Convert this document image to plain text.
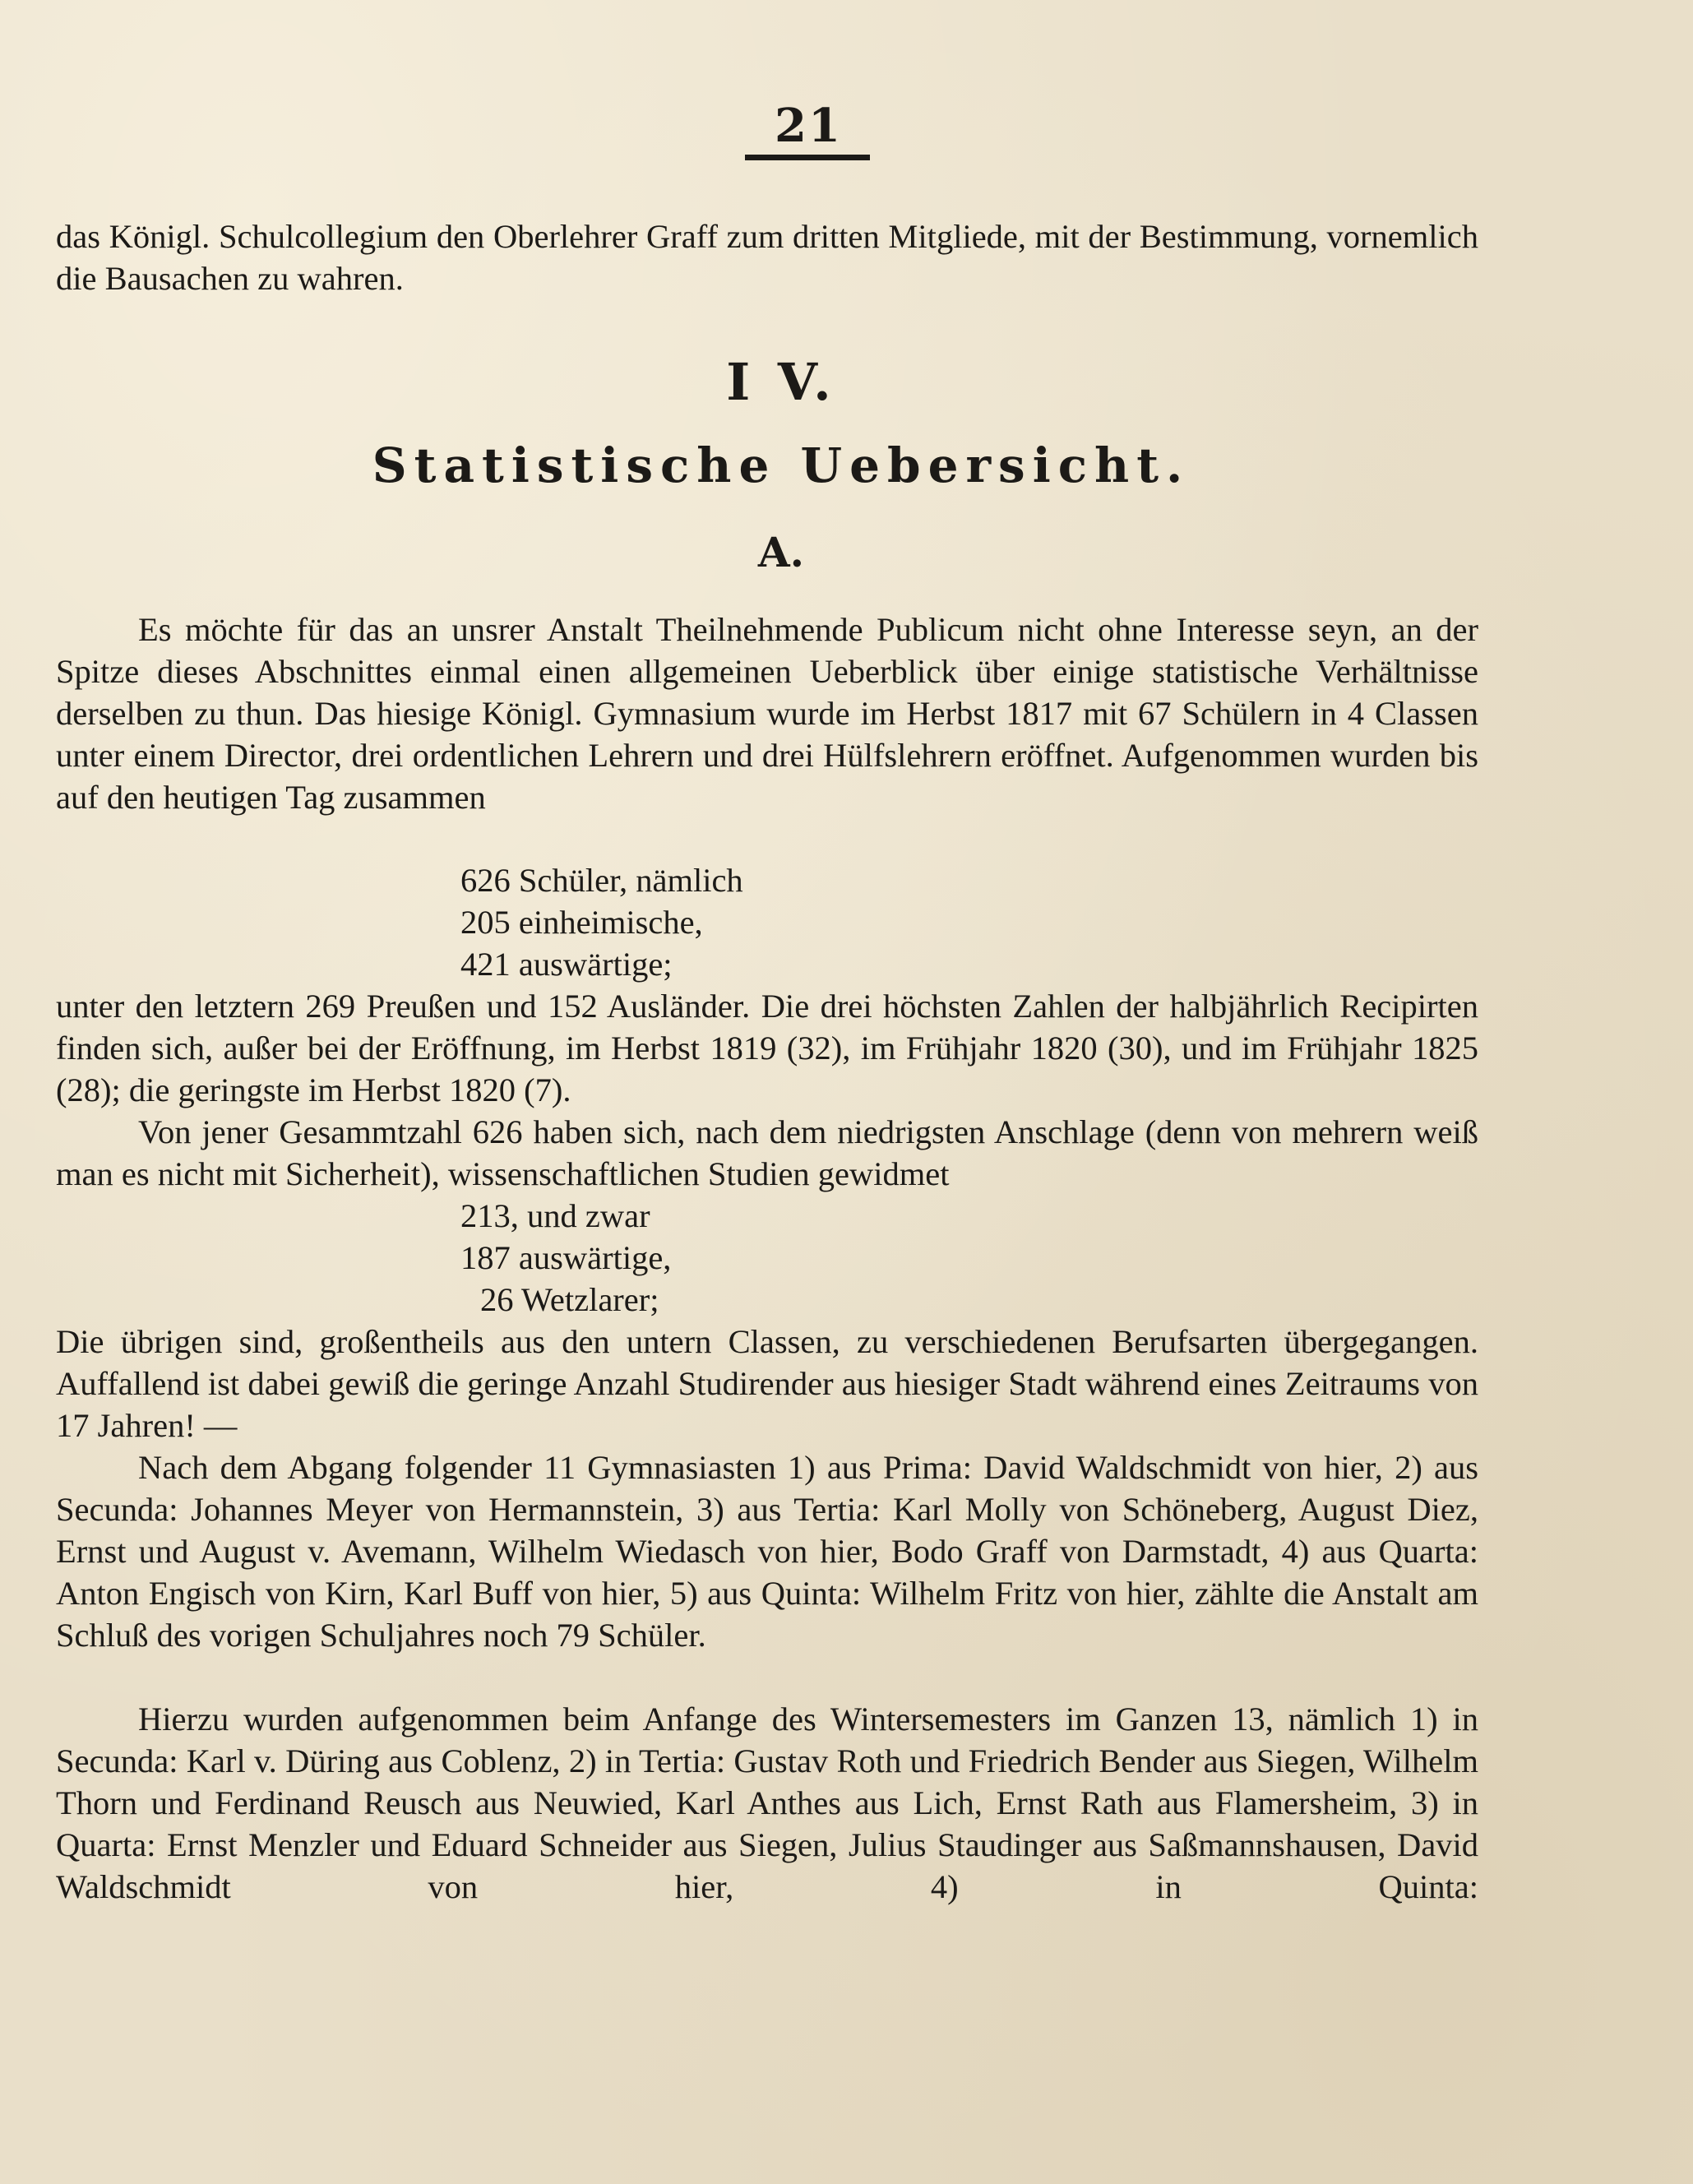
21

das Königl. Schulcollegium den Oberlehrer Graff zum dritten Mitgliede, mit der Bestimmung, vornemlich die Bausachen zu wahren.

I V.
Statistische Uebersicht.
A.

Es möchte für das an unsrer Anstalt Theilnehmende Publicum nicht ohne Interesse seyn, an der Spitze dieses Abschnittes einmal einen allgemeinen Ueberblick über einige statistische Verhältnisse derselben zu thun. Das hiesige Königl. Gymnasium wurde im Herbst 1817 mit 67 Schülern in 4 Classen unter einem Director, drei ordentlichen Lehrern und drei Hülfslehrern eröffnet. Aufgenommen wurden bis auf den heutigen Tag zusammen

626 Schüler, nämlich
205 einheimische,
421 auswärtige;

unter den letztern 269 Preußen und 152 Ausländer. Die drei höchsten Zahlen der halbjährlich Recipirten finden sich, außer bei der Eröffnung, im Herbst 1819 (32), im Frühjahr 1820 (30), und im Frühjahr 1825 (28); die geringste im Herbst 1820 (7).

Von jener Gesammtzahl 626 haben sich, nach dem niedrigsten Anschlage (denn von mehrern weiß man es nicht mit Sicherheit), wissenschaftlichen Studien gewidmet

213, und zwar
187 auswärtige,
26 Wetzlarer;

Die übrigen sind, großentheils aus den untern Classen, zu verschiedenen Berufsarten übergegangen. Auffallend ist dabei gewiß die geringe Anzahl Studirender aus hiesiger Stadt während eines Zeitraums von 17 Jahren! —

Nach dem Abgang folgender 11 Gymnasiasten 1) aus Prima: David Waldschmidt von hier, 2) aus Secunda: Johannes Meyer von Hermannstein, 3) aus Tertia: Karl Molly von Schöneberg, August Diez, Ernst und August v. Avemann, Wilhelm Wiedasch von hier, Bodo Graff von Darmstadt, 4) aus Quarta: Anton Engisch von Kirn, Karl Buff von hier, 5) aus Quinta: Wilhelm Fritz von hier, zählte die Anstalt am Schluß des vorigen Schuljahres noch 79 Schüler.

Hierzu wurden aufgenommen beim Anfange des Wintersemesters im Ganzen 13, nämlich 1) in Secunda: Karl v. Düring aus Coblenz, 2) in Tertia: Gustav Roth und Friedrich Bender aus Siegen, Wilhelm Thorn und Ferdinand Reusch aus Neuwied, Karl Anthes aus Lich, Ernst Rath aus Flamersheim, 3) in Quarta: Ernst Menzler und Eduard Schneider aus Siegen, Julius Staudinger aus Saßmannshausen, David Waldschmidt von hier, 4) in Quinta:
